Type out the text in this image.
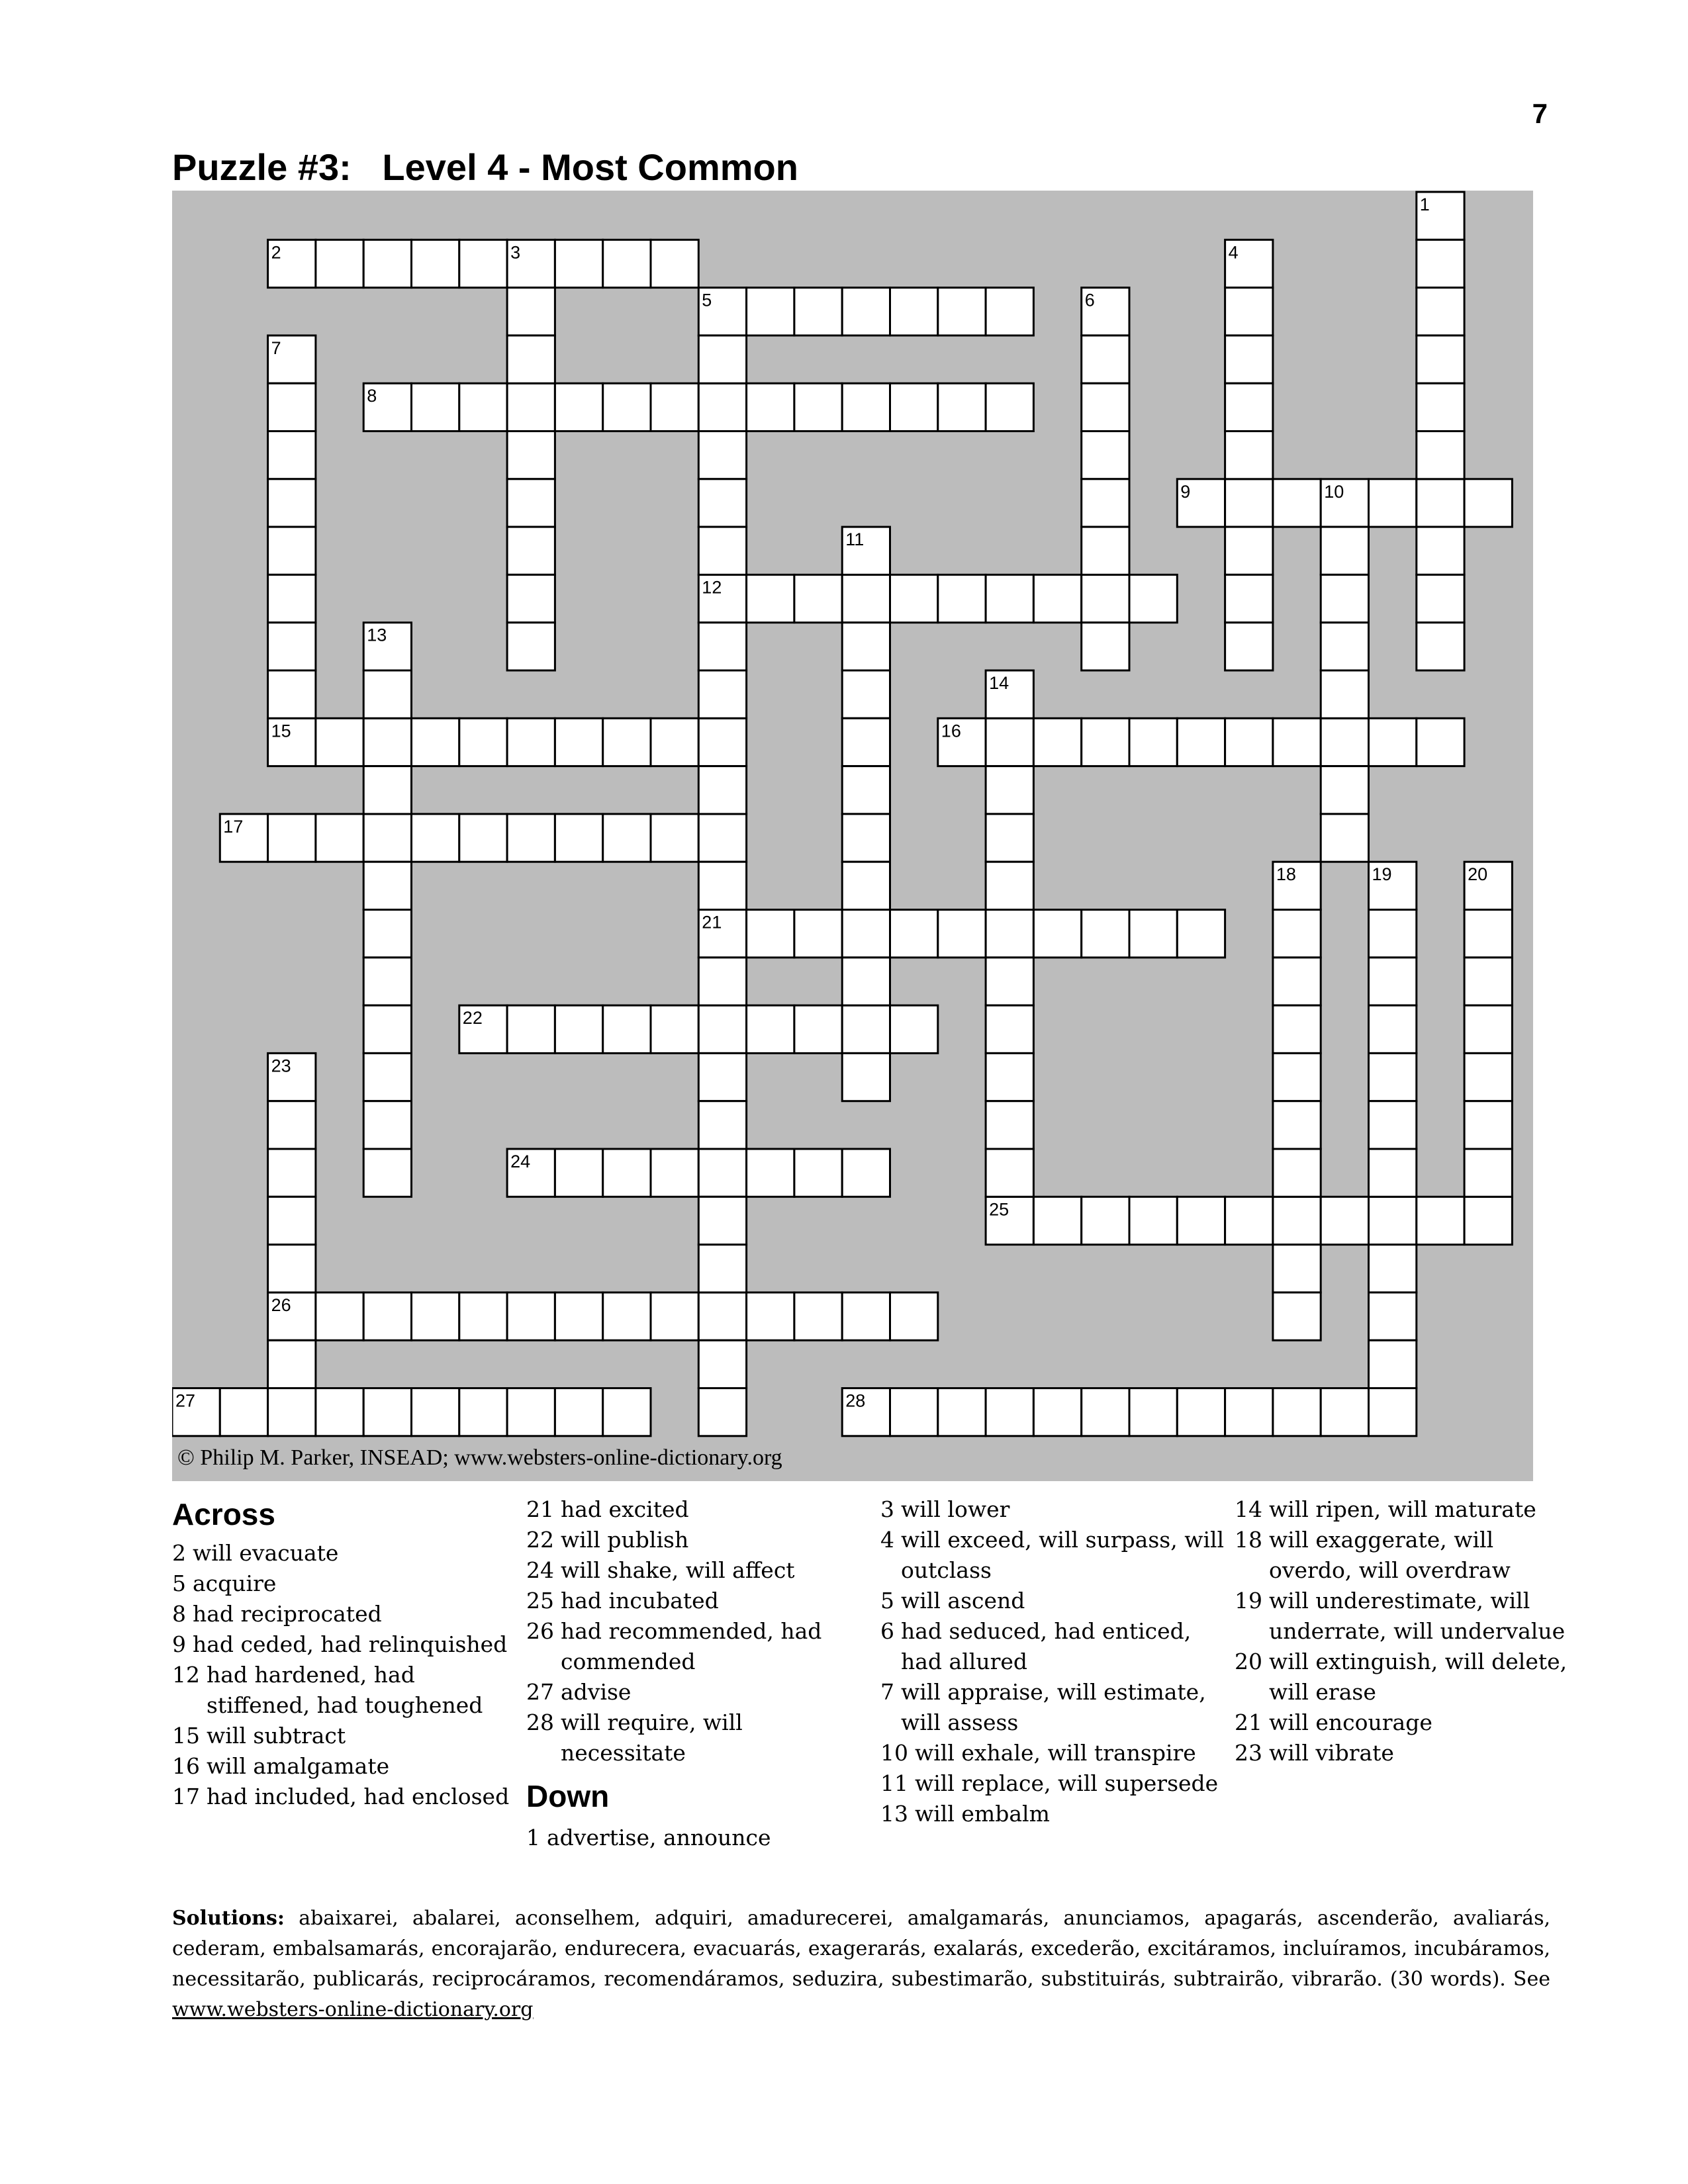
7
Puzzle #3:   Level 4 - Most Common
2
5
8
9
12
15	16
17
21
22
24
25
26
27	28
1
3	4
6
7
10
11
13
14
18	19	20
23
© Philip M. Parker, INSEAD; www.websters-online-dictionary.org
Across
2 will evacuate
5 acquire
8 had reciprocated
9 had ceded, had relinquished
12 had hardened, had stiffened, had toughened
15 will subtract
16 will amalgamate
17 had included, had enclosed
21 had excited
22 will publish
24 will shake, will affect
25 had incubated
26 had recommended, had commended
27 advise
28 will require, will necessitate
Down
1 advertise, announce
3 will lower
4 will exceed, will surpass, will outclass
5 will ascend
6 had seduced, had enticed, had allured
7 will appraise, will estimate, will assess
10 will exhale, will transpire
11 will replace, will supersede
13 will embalm
14 will ripen, will maturate
18 will exaggerate, will overdo, will overdraw
19 will underestimate, will underrate, will undervalue
20 will extinguish, will delete, will erase
21 will encourage
23 will vibrate
Solutions: abaixarei, abalarei, aconselhem, adquiri, amadurecerei, amalgamarás, anunciamos, apagarás, ascenderão, avaliarás, cederam, embalsamarás, encorajarão, endurecera, evacuarás, exagerarás, exalarás, excederão, excitáramos, incluíramos, incubáramos, necessitarão, publicarás, reciprocáramos, recomendáramos, seduzira, subestimarão, substituirás, subtrairão, vibrarão. (30 words). See www.websters-online-dictionary.org
